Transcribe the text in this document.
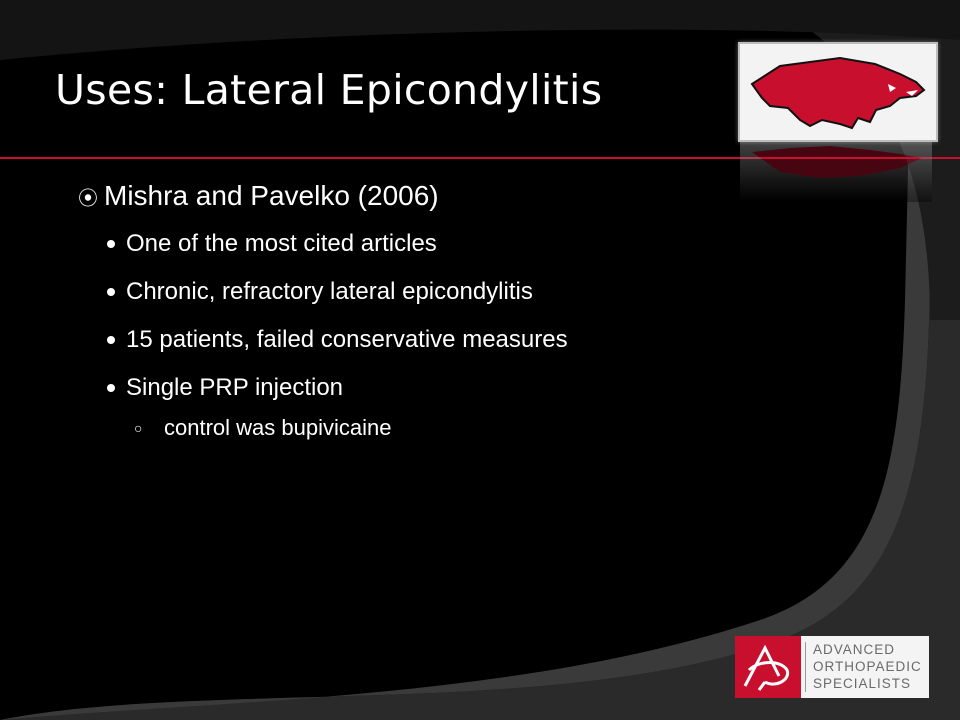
Uses: Lateral Epicondylitis
⦿ Mishra and Pavelko (2006)
One of the most cited articles
Chronic, refractory lateral epicondylitis
15 patients, failed conservative measures
Single PRP injection
○ control was bupivicaine
ADVANCED
ORTHOPAEDIC
SPECIALISTS
